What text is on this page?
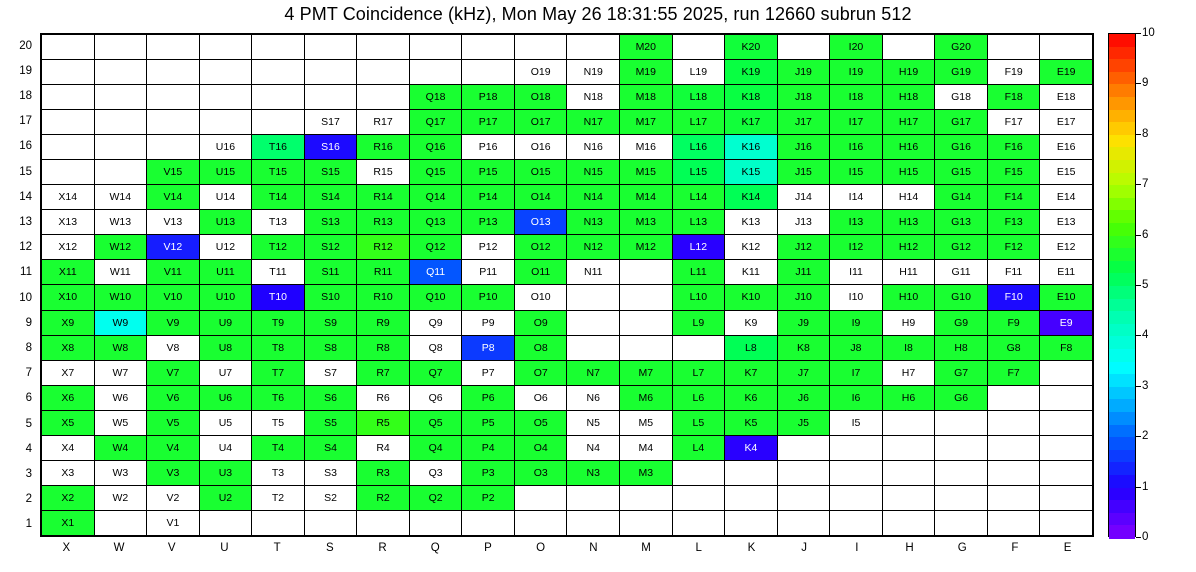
4 PMT Coincidence (kHz), Mon May 26 18:31:55 2025, run 12660 subrun 512
20
19
18
17
16
15
14
13
12
11
10
9
8
7
6
5
4
3
2
1
											M20		K20		I20		G20		
									O19	N19	M19	L19	K19	J19	I19	H19	G19	F19	E19
							Q18	P18	O18	N18	M18	L18	K18	J18	I18	H18	G18	F18	E18
					S17	R17	Q17	P17	O17	N17	M17	L17	K17	J17	I17	H17	G17	F17	E17
			U16	T16	S16	R16	Q16	P16	O16	N16	M16	L16	K16	J16	I16	H16	G16	F16	E16
		V15	U15	T15	S15	R15	Q15	P15	O15	N15	M15	L15	K15	J15	I15	H15	G15	F15	E15
X14	W14	V14	U14	T14	S14	R14	Q14	P14	O14	N14	M14	L14	K14	J14	I14	H14	G14	F14	E14
X13	W13	V13	U13	T13	S13	R13	Q13	P13	O13	N13	M13	L13	K13	J13	I13	H13	G13	F13	E13
X12	W12	V12	U12	T12	S12	R12	Q12	P12	O12	N12	M12	L12	K12	J12	I12	H12	G12	F12	E12
X11	W11	V11	U11	T11	S11	R11	Q11	P11	O11	N11		L11	K11	J11	I11	H11	G11	F11	E11
X10	W10	V10	U10	T10	S10	R10	Q10	P10	O10			L10	K10	J10	I10	H10	G10	F10	E10
X9	W9	V9	U9	T9	S9	R9	Q9	P9	O9			L9	K9	J9	I9	H9	G9	F9	E9
X8	W8	V8	U8	T8	S8	R8	Q8	P8	O8				L8	K8	J8	I8	H8	G8	F8
X7	W7	V7	U7	T7	S7	R7	Q7	P7	O7	N7	M7	L7	K7	J7	I7	H7	G7	F7	
X6	W6	V6	U6	T6	S6	R6	Q6	P6	O6	N6	M6	L6	K6	J6	I6	H6	G6		
X5	W5	V5	U5	T5	S5	R5	Q5	P5	O5	N5	M5	L5	K5	J5	I5				
X4	W4	V4	U4	T4	S4	R4	Q4	P4	O4	N4	M4	L4	K4						
X3	W3	V3	U3	T3	S3	R3	Q3	P3	O3	N3	M3								
X2	W2	V2	U2	T2	S2	R2	Q2	P2											
X1		V1																	
X	W	V	U	T	S	R	Q	P	O	N	M	L	K	J	I	H	G	F	E
0
1
2
3
4
5
6
7
8
9
10
